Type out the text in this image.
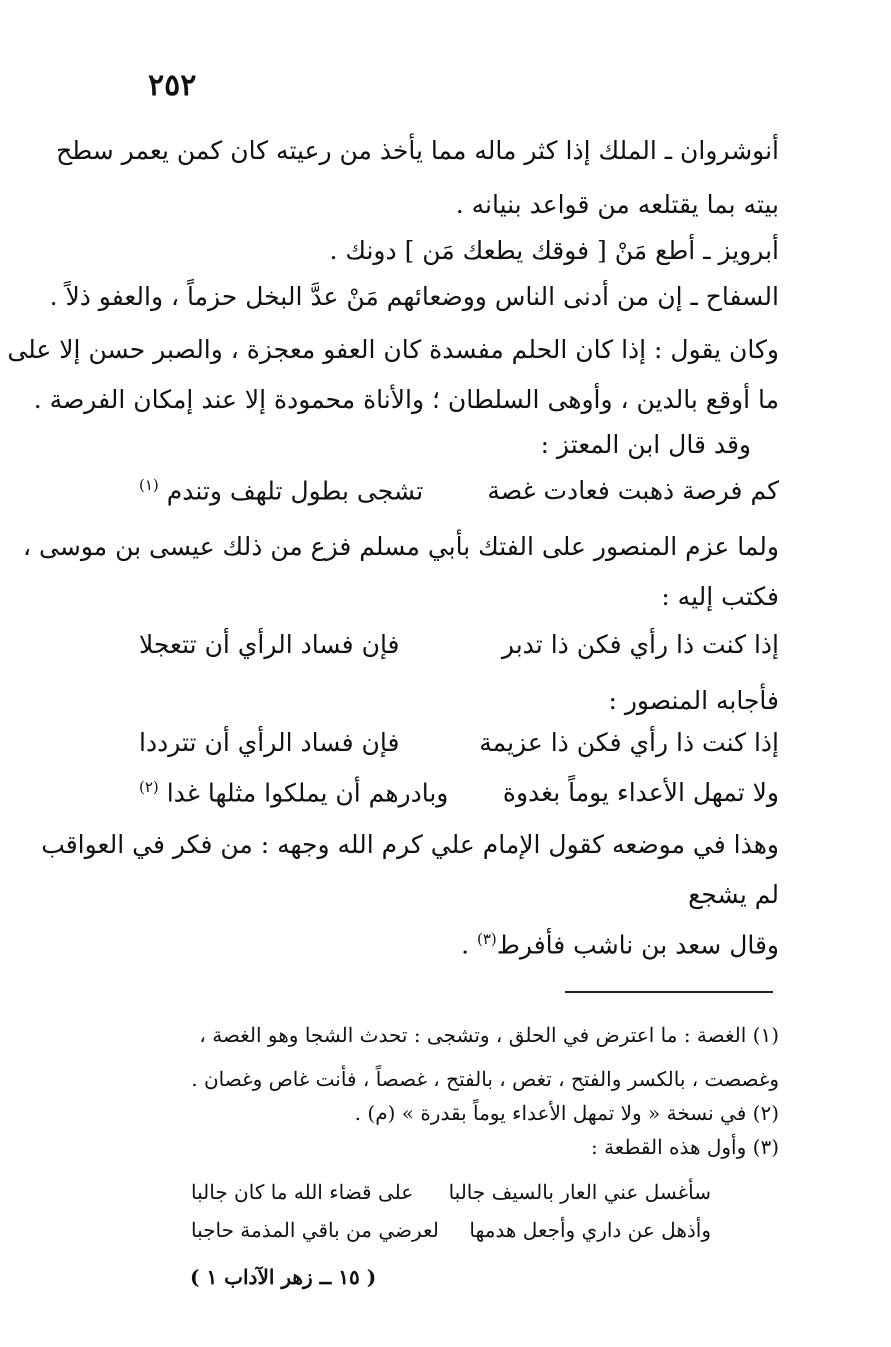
٢٥٢
أنوشروان ـ الملك إذا كثر ماله مما يأخذ من رعيته كان كمن يعمر سطح
بيته بما يقتلعه من قواعد بنيانه .
أبرويز ـ أطع مَنْ [ فوقك يطعك مَن ] دونك .
السفاح ـ إن من أدنى الناس ووضعائهم مَنْ عدَّ البخل حزماً ، والعفو ذلاً .
وكان يقول : إذا كان الحلم مفسدة كان العفو معجزة ، والصبر حسن إلا على
ما أوقع بالدين ، وأوهى السلطان ؛ والأناة محمودة إلا عند إمكان الفرصة .
وقد قال ابن المعتز :
كم فرصة ذهبت فعادت غصة
تشجى بطول تلهف وتندم $^{(١)}$
ولما عزم المنصور على الفتك بأبي مسلم فزع من ذلك عيسى بن موسى ،
فكتب إليه :
إذا كنت ذا رأي فكن ذا تدبر
فإن فساد الرأي أن تتعجلا
فأجابه المنصور :
إذا كنت ذا رأي فكن ذا عزيمة
فإن فساد الرأي أن تترددا
ولا تمهل الأعداء يوماً بغدوة
وبادرهم أن يملكوا مثلها غدا $^{(٢)}$
وهذا في موضعه كقول الإمام علي كرم الله وجهه : من فكر في العواقب
لم يشجع
وقال سعد بن ناشب فأفرط$^{(٣)}$ .
(١) الغصة : ما اعترض في الحلق ، وتشجى : تحدث الشجا وهو الغصة ،
وغصصت ، بالكسر والفتح ، تغص ، بالفتح ، غصصاً ، فأنت غاص وغصان .
(٢) في نسخة « ولا تمهل الأعداء يوماً بقدرة » (م) .
(٣) وأول هذه القطعة :
سأغسل عني العار بالسيف جالبا
على قضاء الله ما كان جالبا
وأذهل عن داري وأجعل هدمها
لعرضي من باقي المذمة حاجبا
( ١٥ ــ زهر الآداب ١ )
